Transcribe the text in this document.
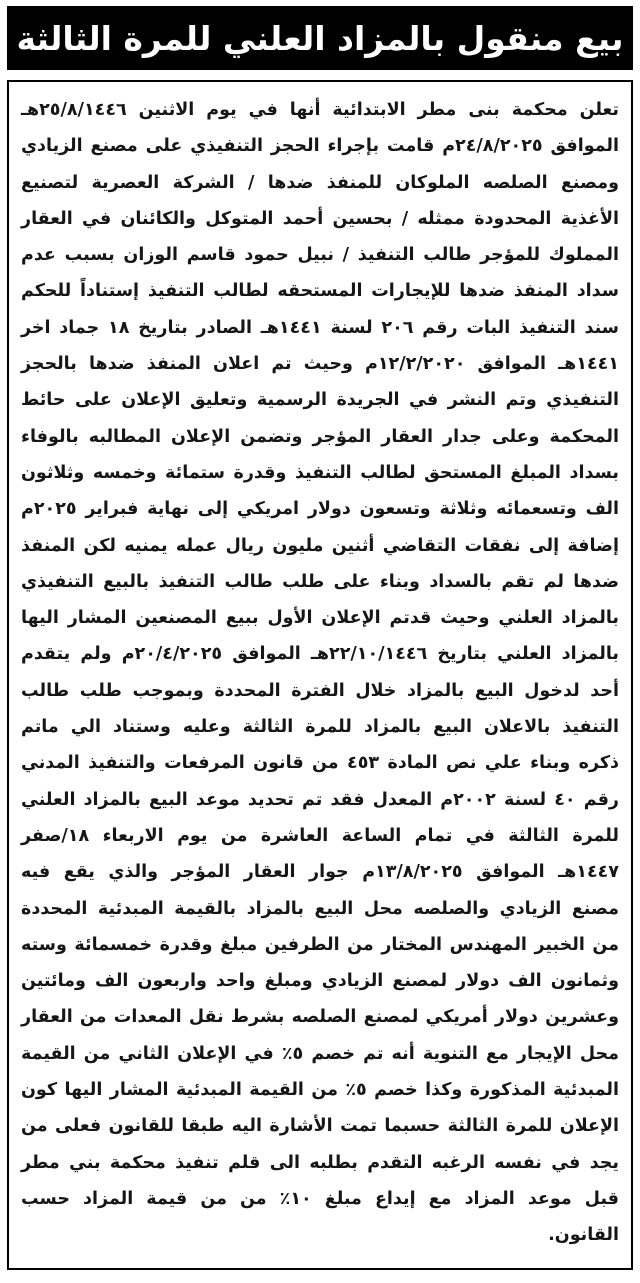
بيع منقول بالمزاد العلني للمرة الثالثة

تعلن محكمة بنى مطر الابتدائية أنها في يوم الاثنين ٢٥/٨/١٤٤٦هـ الموافق ٢٤/٨/٢٠٢٥م قامت بإجراء الحجز التنفيذي على مصنع الزيادي ومصنع الصلصه الملوكان للمنفذ ضدها / الشركة العصرية لتصنيع الأغذية المحدودة ممثله / بحسين أحمد المتوكل والكائنان في العقار المملوك للمؤجر طالب التنفيذ / نبيل حمود قاسم الوزان بسبب عدم سداد المنفذ ضدها للإيجارات المستحقه لطالب التنفيذ إستناداً للحكم سند التنفيذ البات رقم ٢٠٦ لسنة ١٤٤١هـ الصادر بتاريخ ١٨ جماد اخر ١٤٤١هـ الموافق ١٢/٢/٢٠٢٠م وحيث تم اعلان المنفذ ضدها بالحجز التنفيذي وتم النشر في الجريدة الرسمية وتعليق الإعلان على حائط المحكمة وعلى جدار العقار المؤجر وتضمن الإعلان المطالبه بالوفاء بسداد المبلغ المستحق لطالب التنفيذ وقدرة ستمائة وخمسه وثلاثون الف وتسعمائه وثلاثة وتسعون دولار امريكي إلى نهاية فبراير ٢٠٢٥م إضافة إلى نفقات التقاضي أثنين مليون ريال عمله يمنيه لكن المنفذ ضدها لم تقم بالسداد وبناء على طلب طالب التنفيذ بالبيع التنفيذي بالمزاد العلني وحيث قدتم الإعلان الأول ببيع المصنعين المشار اليها بالمزاد العلني بتاريخ ٢٢/١٠/١٤٤٦هـ الموافق ٢٠/٤/٢٠٢٥م ولم يتقدم أحد لدخول البيع بالمزاد خلال الفترة المحددة وبموجب طلب طالب التنفيذ بالاعلان البيع بالمزاد للمرة الثالثة وعليه وستناد الي ماتم ذكره وبناء علي نص المادة ٤٥٣ من قانون المرفعات والتنفيذ المدني رقم ٤٠ لسنة ٢٠٠٢م المعدل فقد تم تحديد موعد البيع بالمزاد العلني للمرة الثالثة في تمام الساعة العاشرة من يوم الاربعاء ١٨/صفر ١٤٤٧هـ الموافق ١٣/٨/٢٠٢٥م جوار العقار المؤجر والذي يقع فيه مصنع الزيادي والصلصه محل البيع بالمزاد بالقيمة المبدئية المحددة من الخبير المهندس المختار من الطرفين مبلغ وقدرة خمسمائة وسته وثمانون الف دولار لمصنع الزيادي ومبلغ واحد واربعون الف ومائتين وعشرين دولار أمريكي لمصنع الصلصه بشرط نقل المعدات من العقار محل الإيجار مع التنوية أنه تم خصم ٥٪ في الإعلان الثاني من القيمة المبدئية المذكورة وكذا خصم ٥٪ من القيمة المبدئية المشار اليها كون الإعلان للمرة الثالثة حسبما تمت الأشارة اليه طبقا للقانون فعلى من يجد في نفسه الرغبه التقدم بطلبه الى قلم تنفيذ محكمة بني مطر قبل موعد المزاد مع إيداع مبلغ ١٠٪ من من قيمة المزاد حسب القانون.
